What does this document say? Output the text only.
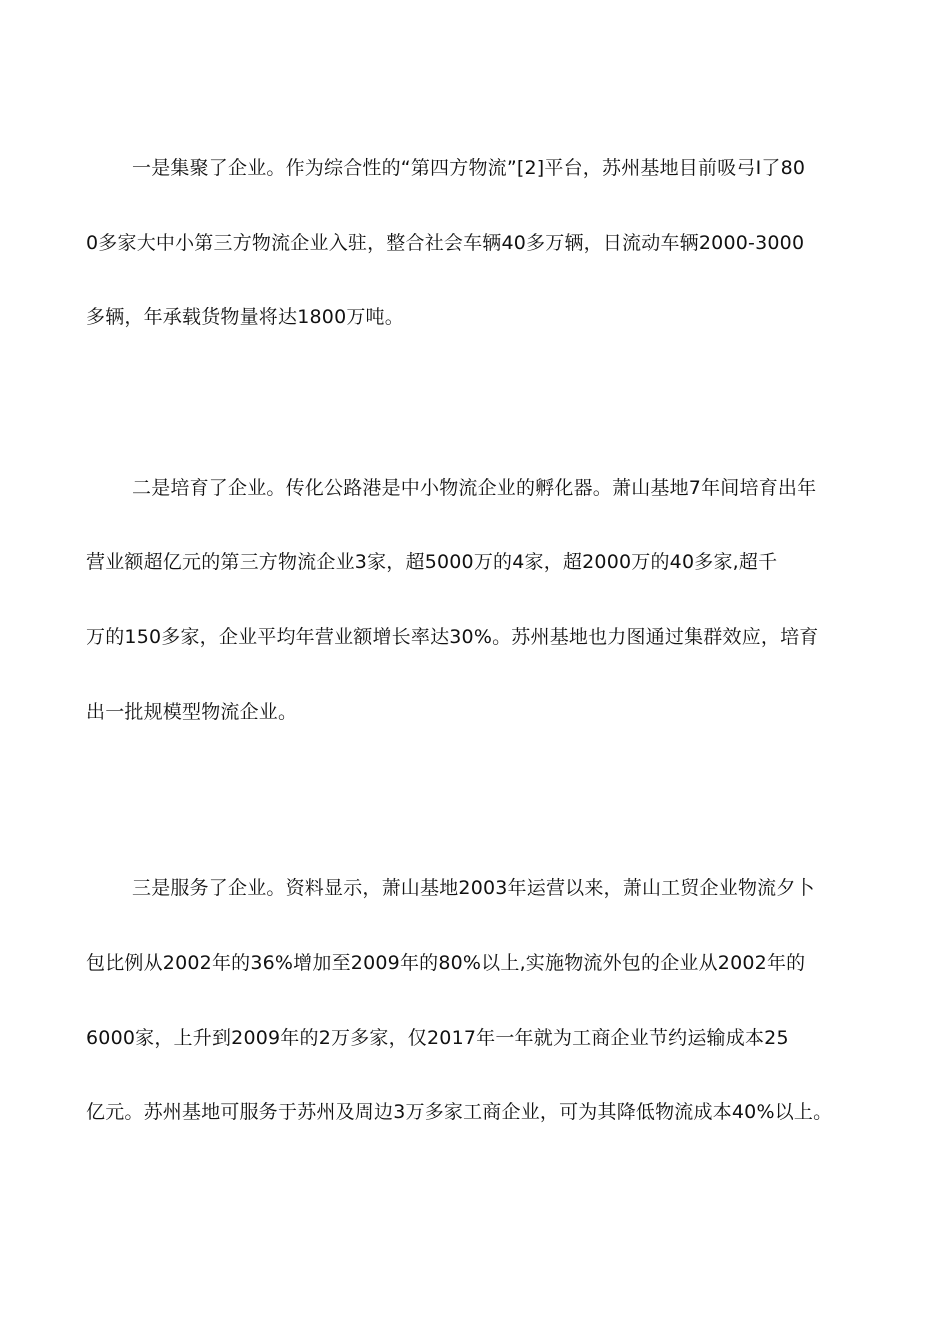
一是集聚了企业。作为综合性的“第四方物流”[2]平台，苏州基地目前吸弓I了80
0多家大中小第三方物流企业入驻，整合社会车辆40多万辆，日流动车辆2000-3000
多辆，年承载货物量将达1800万吨。
二是培育了企业。传化公路港是中小物流企业的孵化器。萧山基地7年间培育出年
营业额超亿元的第三方物流企业3家，超5000万的4家，超2000万的40多家,超千
万的150多家，企业平均年营业额增长率达30%。苏州基地也力图通过集群效应，培育
出一批规模型物流企业。
三是服务了企业。资料显示，萧山基地2003年运营以来，萧山工贸企业物流夕卜
包比例从2002年的36%增加至2009年的80%以上,实施物流外包的企业从2002年的
6000家，上升到2009年的2万多家，仅2017年一年就为工商企业节约运输成本25
亿元。苏州基地可服务于苏州及周边3万多家工商企业，可为其降低物流成本40%以上。
